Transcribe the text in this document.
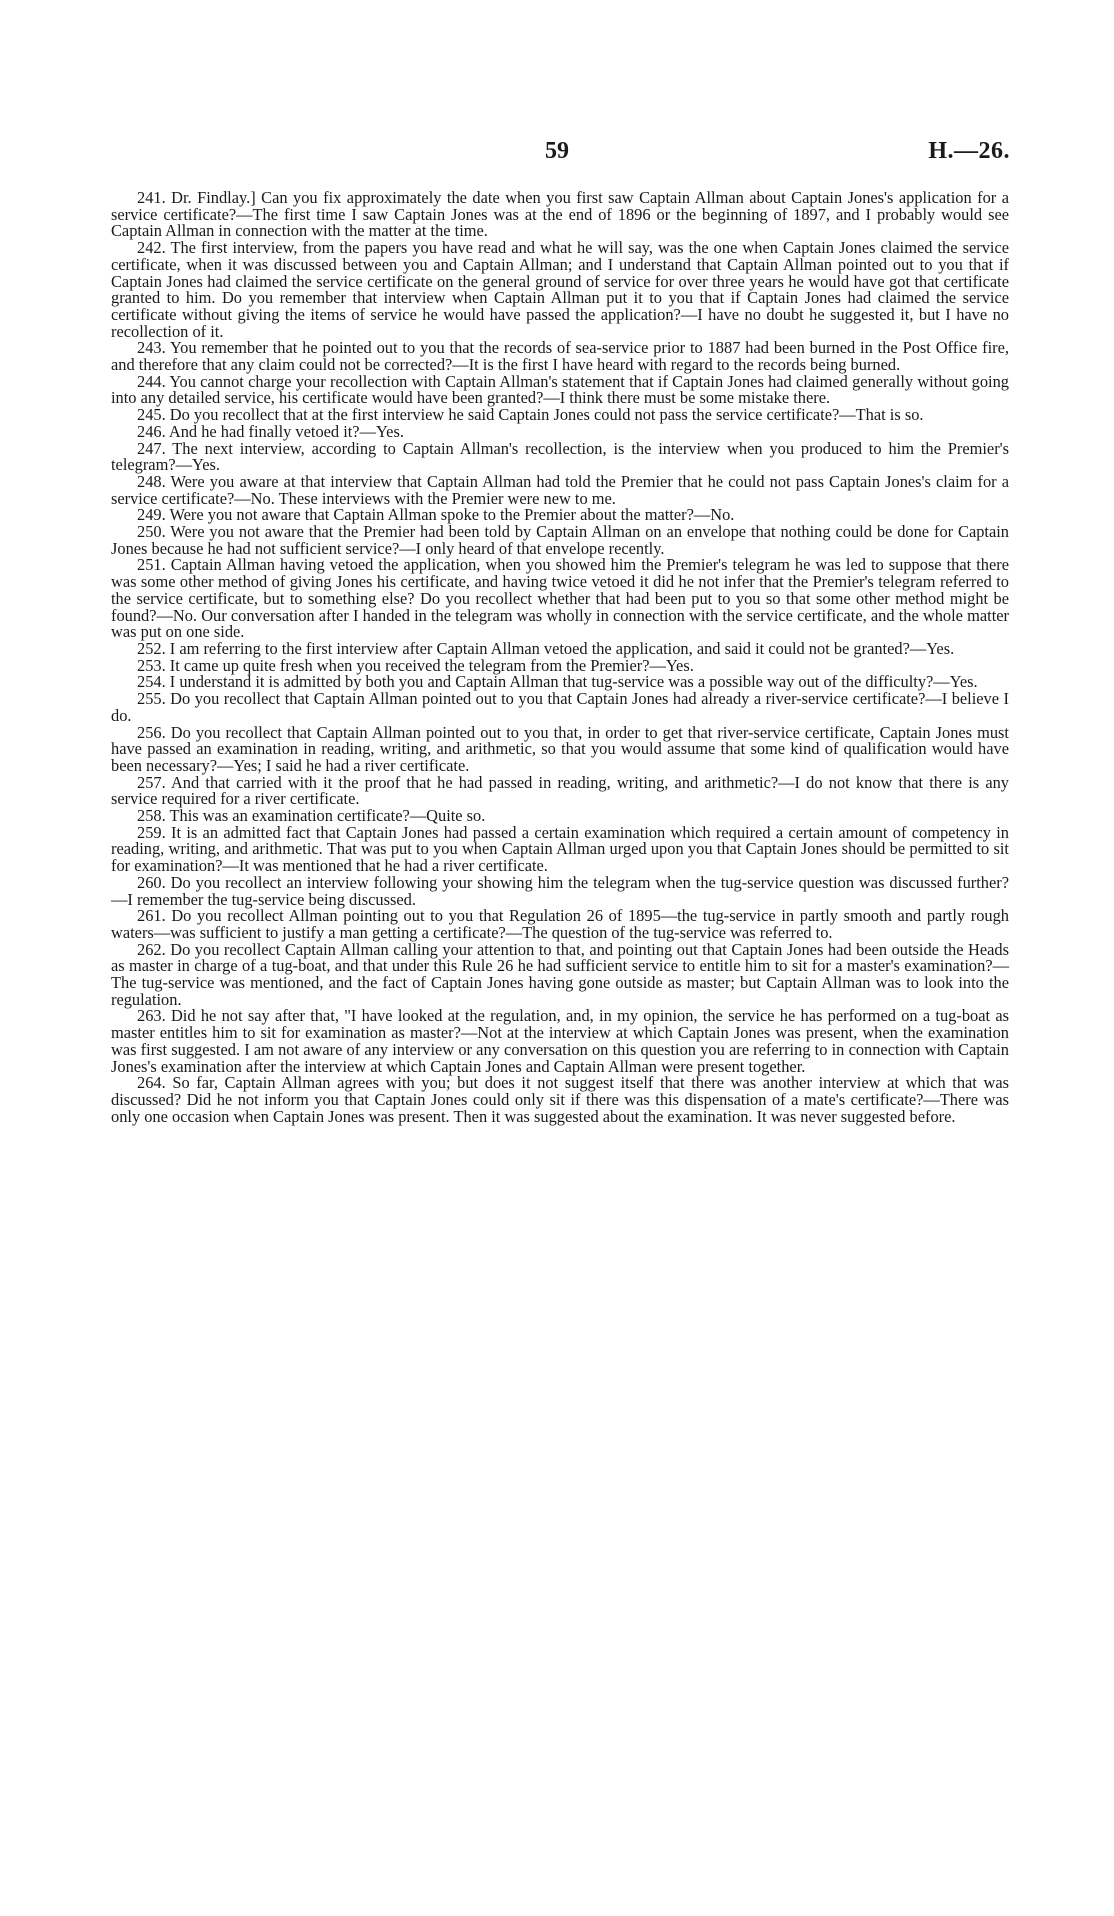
59	H.—26.

241. Dr. Findlay.] Can you fix approximately the date when you first saw Captain Allman about Captain Jones's application for a service certificate?—The first time I saw Captain Jones was at the end of 1896 or the beginning of 1897, and I probably would see Captain Allman in connection with the matter at the time.

242. The first interview, from the papers you have read and what he will say, was the one when Captain Jones claimed the service certificate, when it was discussed between you and Captain Allman; and I understand that Captain Allman pointed out to you that if Captain Jones had claimed the service certificate on the general ground of service for over three years he would have got that certificate granted to him. Do you remember that interview when Captain Allman put it to you that if Captain Jones had claimed the service certificate without giving the items of service he would have passed the application?—I have no doubt he suggested it, but I have no recollection of it.

243. You remember that he pointed out to you that the records of sea-service prior to 1887 had been burned in the Post Office fire, and therefore that any claim could not be corrected?—It is the first I have heard with regard to the records being burned.

244. You cannot charge your recollection with Captain Allman's statement that if Captain Jones had claimed generally without going into any detailed service, his certificate would have been granted?—I think there must be some mistake there.

245. Do you recollect that at the first interview he said Captain Jones could not pass the service certificate?—That is so.

246. And he had finally vetoed it?—Yes.

247. The next interview, according to Captain Allman's recollection, is the interview when you produced to him the Premier's telegram?—Yes.

248. Were you aware at that interview that Captain Allman had told the Premier that he could not pass Captain Jones's claim for a service certificate?—No. These interviews with the Premier were new to me.

249. Were you not aware that Captain Allman spoke to the Premier about the matter?—No.

250. Were you not aware that the Premier had been told by Captain Allman on an envelope that nothing could be done for Captain Jones because he had not sufficient service?—I only heard of that envelope recently.

251. Captain Allman having vetoed the application, when you showed him the Premier's telegram he was led to suppose that there was some other method of giving Jones his certificate, and having twice vetoed it did he not infer that the Premier's telegram referred to the service certificate, but to something else? Do you recollect whether that had been put to you so that some other method might be found?—No. Our conversation after I handed in the telegram was wholly in connection with the service certificate, and the whole matter was put on one side.

252. I am referring to the first interview after Captain Allman vetoed the application, and said it could not be granted?—Yes.

253. It came up quite fresh when you received the telegram from the Premier?—Yes.

254. I understand it is admitted by both you and Captain Allman that tug-service was a possible way out of the difficulty?—Yes.

255. Do you recollect that Captain Allman pointed out to you that Captain Jones had already a river-service certificate?—I believe I do.

256. Do you recollect that Captain Allman pointed out to you that, in order to get that river-service certificate, Captain Jones must have passed an examination in reading, writing, and arithmetic, so that you would assume that some kind of qualification would have been necessary?—Yes; I said he had a river certificate.

257. And that carried with it the proof that he had passed in reading, writing, and arithmetic?—I do not know that there is any service required for a river certificate.

258. This was an examination certificate?—Quite so.

259. It is an admitted fact that Captain Jones had passed a certain examination which required a certain amount of competency in reading, writing, and arithmetic. That was put to you when Captain Allman urged upon you that Captain Jones should be permitted to sit for examination?—It was mentioned that he had a river certificate.

260. Do you recollect an interview following your showing him the telegram when the tug-service question was discussed further?—I remember the tug-service being discussed.

261. Do you recollect Allman pointing out to you that Regulation 26 of 1895—the tug-service in partly smooth and partly rough waters—was sufficient to justify a man getting a certificate?—The question of the tug-service was referred to.

262. Do you recollect Captain Allman calling your attention to that, and pointing out that Captain Jones had been outside the Heads as master in charge of a tug-boat, and that under this Rule 26 he had sufficient service to entitle him to sit for a master's examination?—The tug-service was mentioned, and the fact of Captain Jones having gone outside as master; but Captain Allman was to look into the regulation.

263. Did he not say after that, "I have looked at the regulation, and, in my opinion, the service he has performed on a tug-boat as master entitles him to sit for examination as master?—Not at the interview at which Captain Jones was present, when the examination was first suggested. I am not aware of any interview or any conversation on this question you are referring to in connection with Captain Jones's examination after the interview at which Captain Jones and Captain Allman were present together.

264. So far, Captain Allman agrees with you; but does it not suggest itself that there was another interview at which that was discussed? Did he not inform you that Captain Jones could only sit if there was this dispensation of a mate's certificate?—There was only one occasion when Captain Jones was present. Then it was suggested about the examination. It was never suggested before.
